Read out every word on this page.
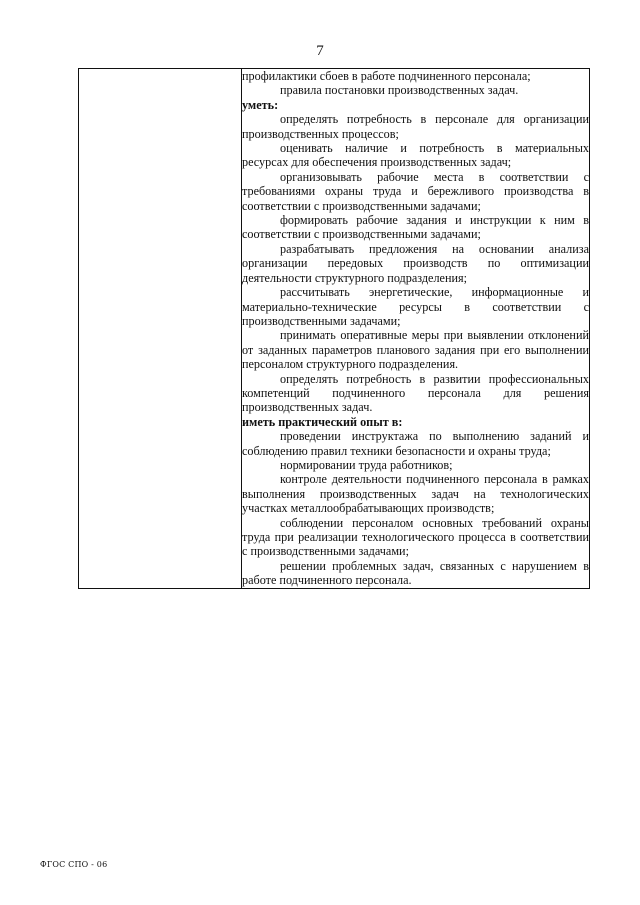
7

профилактики сбоев в работе подчиненного персонала;

правила постановки производственных задач.

уметь:

определять потребность в персонале для организации производственных процессов;

оценивать наличие и потребность в материальных ресурсах для обеспечения производственных задач;

организовывать рабочие места в соответствии с требованиями охраны труда и бережливого производства в соответствии с производственными задачами;

формировать рабочие задания и инструкции к ним в соответствии с производственными задачами;

разрабатывать предложения на основании анализа организации передовых производств по оптимизации деятельности структурного подразделения;

рассчитывать энергетические, информационные и материально-технические ресурсы в соответствии с производственными задачами;

принимать оперативные меры при выявлении отклонений от заданных параметров планового задания при его выполнении персоналом структурного подразделения.

определять потребность в развитии профессиональных компетенций подчиненного персонала для решения производственных задач.

иметь практический опыт в:

проведении инструктажа по выполнению заданий и соблюдению правил техники безопасности и охраны труда;

нормировании труда работников;

контроле деятельности подчиненного персонала в рамках выполнения производственных задач на технологических участках металлообрабатывающих производств;

соблюдении персоналом основных требований охраны труда при реализации технологического процесса в соответствии с производственными задачами;

решении проблемных задач, связанных с нарушением в работе подчиненного персонала.

ФГОС СПО - 06
